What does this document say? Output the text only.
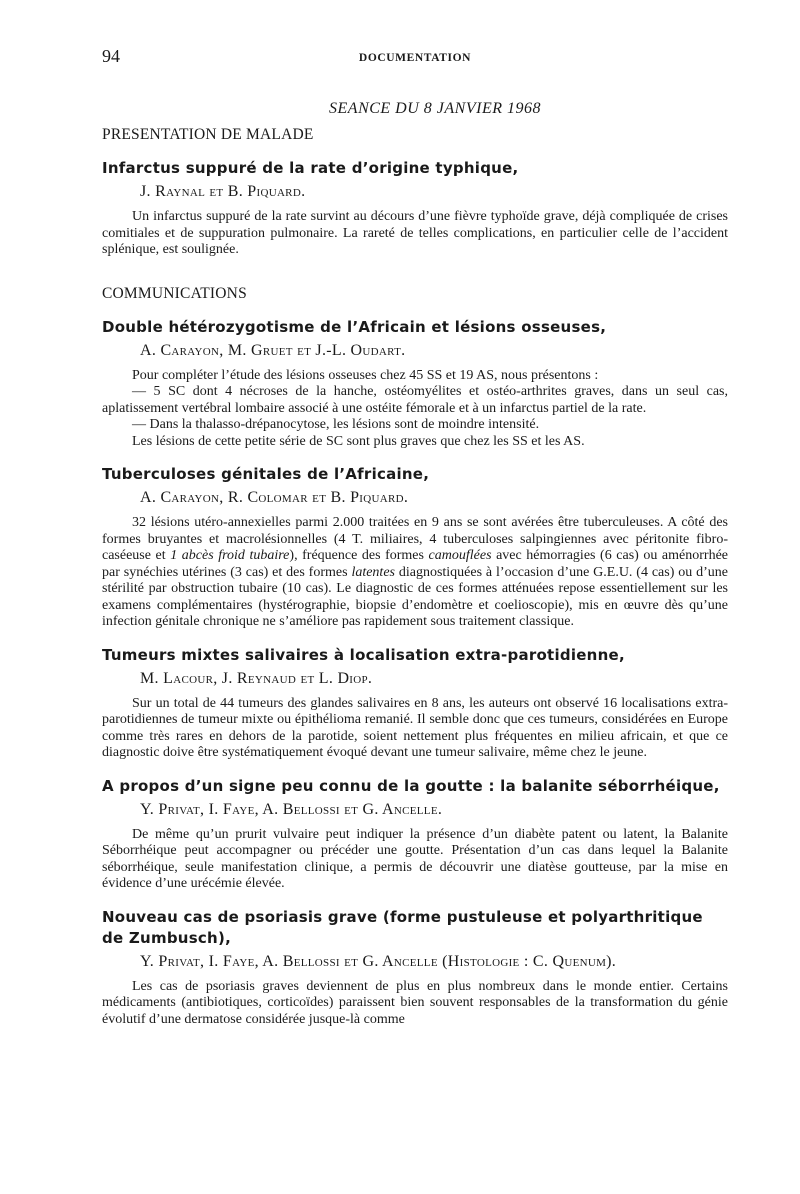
94	DOCUMENTATION
SEANCE DU 8 JANVIER 1968
PRESENTATION DE MALADE
Infarctus suppuré de la rate d’origine typhique,
J. Raynal et B. Piquard.

Un infarctus suppuré de la rate survint au décours d’une fièvre typhoïde grave, déjà compliquée de crises comitiales et de suppuration pulmonaire. La rareté de telles complications, en particulier celle de l’accident splénique, est soulignée.

COMMUNICATIONS
Double hétérozygotisme de l’Africain et lésions osseuses,
A. Carayon, M. Gruet et J.-L. Oudart.

Pour compléter l’étude des lésions osseuses chez 45 SS et 19 AS, nous présentons :

— 5 SC dont 4 nécroses de la hanche, ostéomyélites et ostéo-arthrites graves, dans un seul cas, aplatissement vertébral lombaire associé à une ostéite fémorale et à un infarctus partiel de la rate.

— Dans la thalasso-drépanocytose, les lésions sont de moindre intensité.

Les lésions de cette petite série de SC sont plus graves que chez les SS et les AS.

Tuberculoses génitales de l’Africaine,
A. Carayon, R. Colomar et B. Piquard.

32 lésions utéro-annexielles parmi 2.000 traitées en 9 ans se sont avérées être tuberculeuses. A côté des formes bruyantes et macrolésionnelles (4 T. miliaires, 4 tuberculoses salpingiennes avec péritonite fibro-caséeuse et 1 abcès froid tubaire), fréquence des formes camouflées avec hémorragies (6 cas) ou aménorrhée par synéchies utérines (3 cas) et des formes latentes diagnostiquées à l’occasion d’une G.E.U. (4 cas) ou d’une stérilité par obstruction tubaire (10 cas). Le diagnostic de ces formes atténuées repose essentiellement sur les examens complémentaires (hystérographie, biopsie d’endomètre et coelioscopie), mis en œuvre dès qu’une infection génitale chronique ne s’améliore pas rapidement sous traitement classique.

Tumeurs mixtes salivaires à localisation extra-parotidienne,
M. Lacour, J. Reynaud et L. Diop.

Sur un total de 44 tumeurs des glandes salivaires en 8 ans, les auteurs ont observé 16 localisations extra-parotidiennes de tumeur mixte ou épithélioma remanié. Il semble donc que ces tumeurs, considérées en Europe comme très rares en dehors de la parotide, soient nettement plus fréquentes en milieu africain, et que ce diagnostic doive être systématiquement évoqué devant une tumeur salivaire, même chez le jeune.

A propos d’un signe peu connu de la goutte : la balanite séborrhéique,
Y. Privat, I. Faye, A. Bellossi et G. Ancelle.

De même qu’un prurit vulvaire peut indiquer la présence d’un diabète patent ou latent, la Balanite Séborrhéique peut accompagner ou précéder une goutte. Présentation d’un cas dans lequel la Balanite séborrhéique, seule manifestation clinique, a permis de découvrir une diatèse goutteuse, par la mise en évidence d’une urécémie élevée.

Nouveau cas de psoriasis grave (forme pustuleuse et polyarthritique de Zumbusch),
Y. Privat, I. Faye, A. Bellossi et G. Ancelle (Histologie : C. Quenum).

Les cas de psoriasis graves deviennent de plus en plus nombreux dans le monde entier. Certains médicaments (antibiotiques, corticoïdes) paraissent bien souvent responsables de la transformation du génie évolutif d’une dermatose considérée jusque-là comme
